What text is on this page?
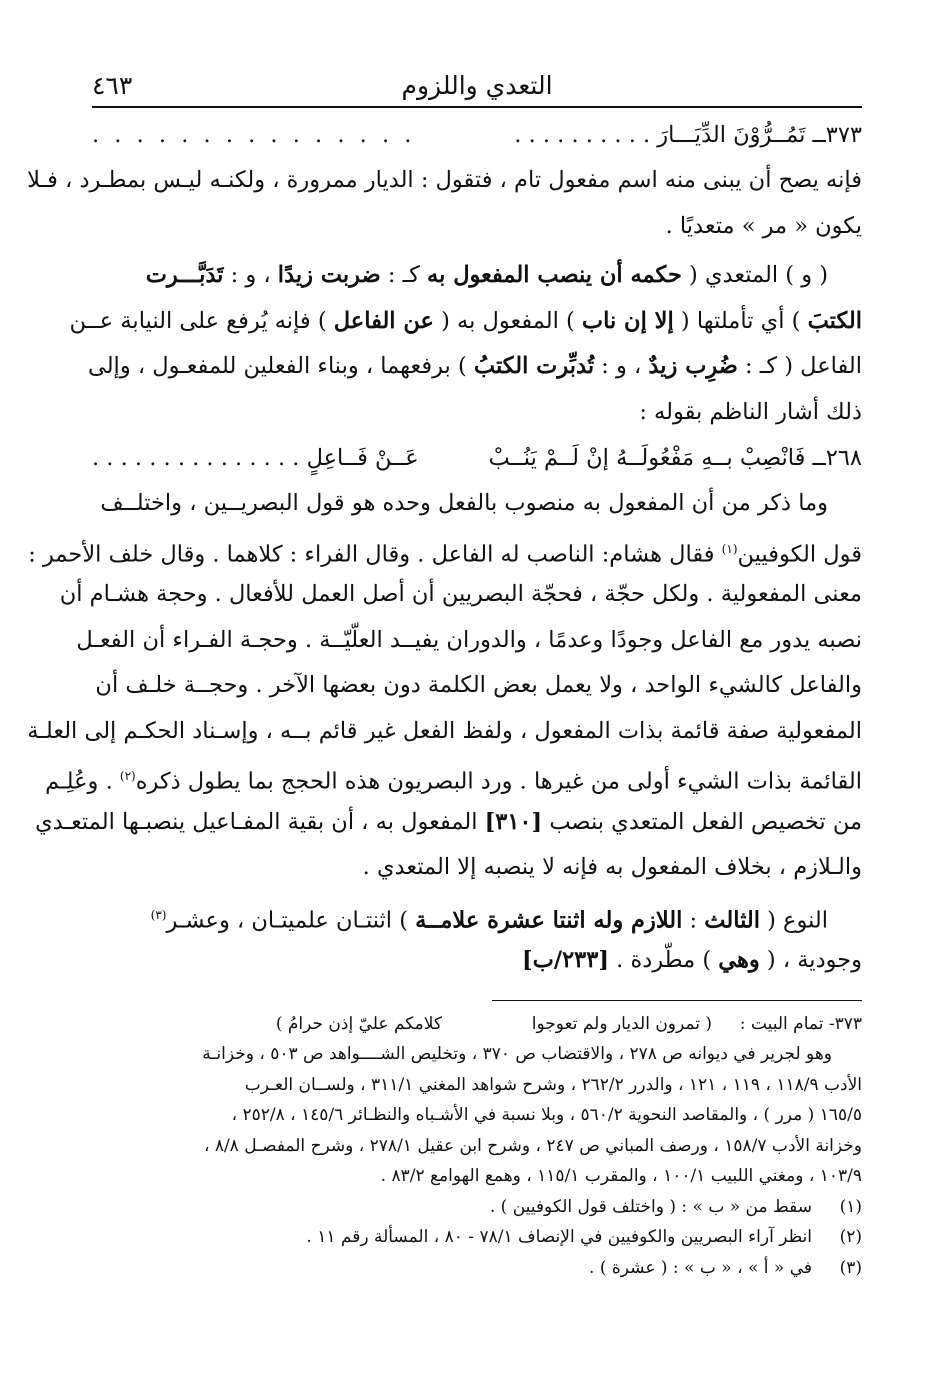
التعدي واللزوم
٤٦٣
٣٧٣ــ تَمُــرُّوْنَ الدِّيَـــارَ . . . . . . . . . .
. . . . . . . . . . . . . . .
فإنه يصح أن يبنى منه اسم مفعول تام ، فتقول : الديار ممرورة ، ولكنـه ليـس بمطـرد ، فـلا
يكون « مر » متعديًا .
( و ) المتعدي ( حكمه أن ينصب المفعول به كـ : ضربت زيدًا ، و : تَدَبَّـــرت
الكتبَ ) أي تأملتها ( إلا إن ناب ) المفعول به ( عن الفاعل ) فإنه يُرفع على النيابة عــن
الفاعل ( كـ : ضُرِب زيدٌ ، و : تُدبِّرت الكتبُ ) برفعهما ، وبناء الفعلين للمفعـول ، وإلى
ذلك أشار الناظم بقوله :
٢٦٨ــ فَانْصِبْ بــهِ مَفْعُولَــهُ إنْ لَــمْ يَنُــبْ
عَــنْ فَــاعِلٍ . . . . . . . . . . . . . . .
وما ذكر من أن المفعول به منصوب بالفعل وحده هو قول البصريــين ، واختلــف
قول الكوفيين$^{(١)}$ فقال هشام: الناصب له الفاعل . وقال الفراء : كلاهما . وقال خلف الأحمر :
معنى المفعولية . ولكل حجّة ، فحجّة البصريين أن أصل العمل للأفعال . وحجة هشـام أن
نصبه يدور مع الفاعل وجودًا وعدمًا ، والدوران يفيــد العلّيّــة . وحجـة الفـراء أن الفعـل
والفاعل كالشيء الواحد ، ولا يعمل بعض الكلمة دون بعضها الآخر . وحجــة خلـف أن
المفعولية صفة قائمة بذات المفعول ، ولفظ الفعل غير قائم بــه ، وإسـناد الحكـم إلى العلـة
القائمة بذات الشيء أولى من غيرها . ورد البصريون هذه الحجج بما يطول ذكره$^{(٢)}$ . وعُلِـم
من تخصيص الفعل المتعدي بنصب [٣١٠] المفعول به ، أن بقية المفـاعيل ينصبـها المتعـدي
والـلازم ، بخلاف المفعول به فإنه لا ينصبه إلا المتعدي .
النوع ( الثالث : اللازم وله اثنتا عشرة علامــة ) اثنتـان علميتـان ، وعشـر$^{(٣)}$
وجودية ، ( وهي ) مطّردة . [٢٣٣/ب]
٣٧٣- تمام البيت :
( تمرون الديار ولم تعوجوا
كلامكم عليّ إذن حرامُ )
وهو لجرير في ديوانه ص ٢٧٨ ، والاقتضاب ص ٣٧٠ ، وتخليص الشــــواهد ص ٥٠٣ ، وخزانـة
الأدب ١١٨/٩ ، ١١٩ ، ١٢١ ، والدرر ٢٦٢/٢ ، وشرح شواهد المغني ٣١١/١ ، ولســان العـرب
١٦٥/٥ ( مرر ) ، والمقاصد النحوية ٥٦٠/٢ ، وبلا نسبة في الأشـباه والنظـائر ١٤٥/٦ ، ٢٥٢/٨ ،
وخزانة الأدب ١٥٨/٧ ، ورصف المباني ص ٢٤٧ ، وشرح ابن عقيل ٢٧٨/١ ، وشرح المفصـل ٨/٨ ،
١٠٣/٩ ، ومغني اللبيب ١٠٠/١ ، والمقرب ١١٥/١ ، وهمع الهوامع ٨٣/٢ .
(١)
سقط من « ب » : ( واختلف قول الكوفيين ) .
(٢)
انظر آراء البصريين والكوفيين في الإنصاف ٧٨/١ - ٨٠ ، المسألة رقم ١١ .
(٣)
في « أ » ، « ب » : ( عشرة ) .
